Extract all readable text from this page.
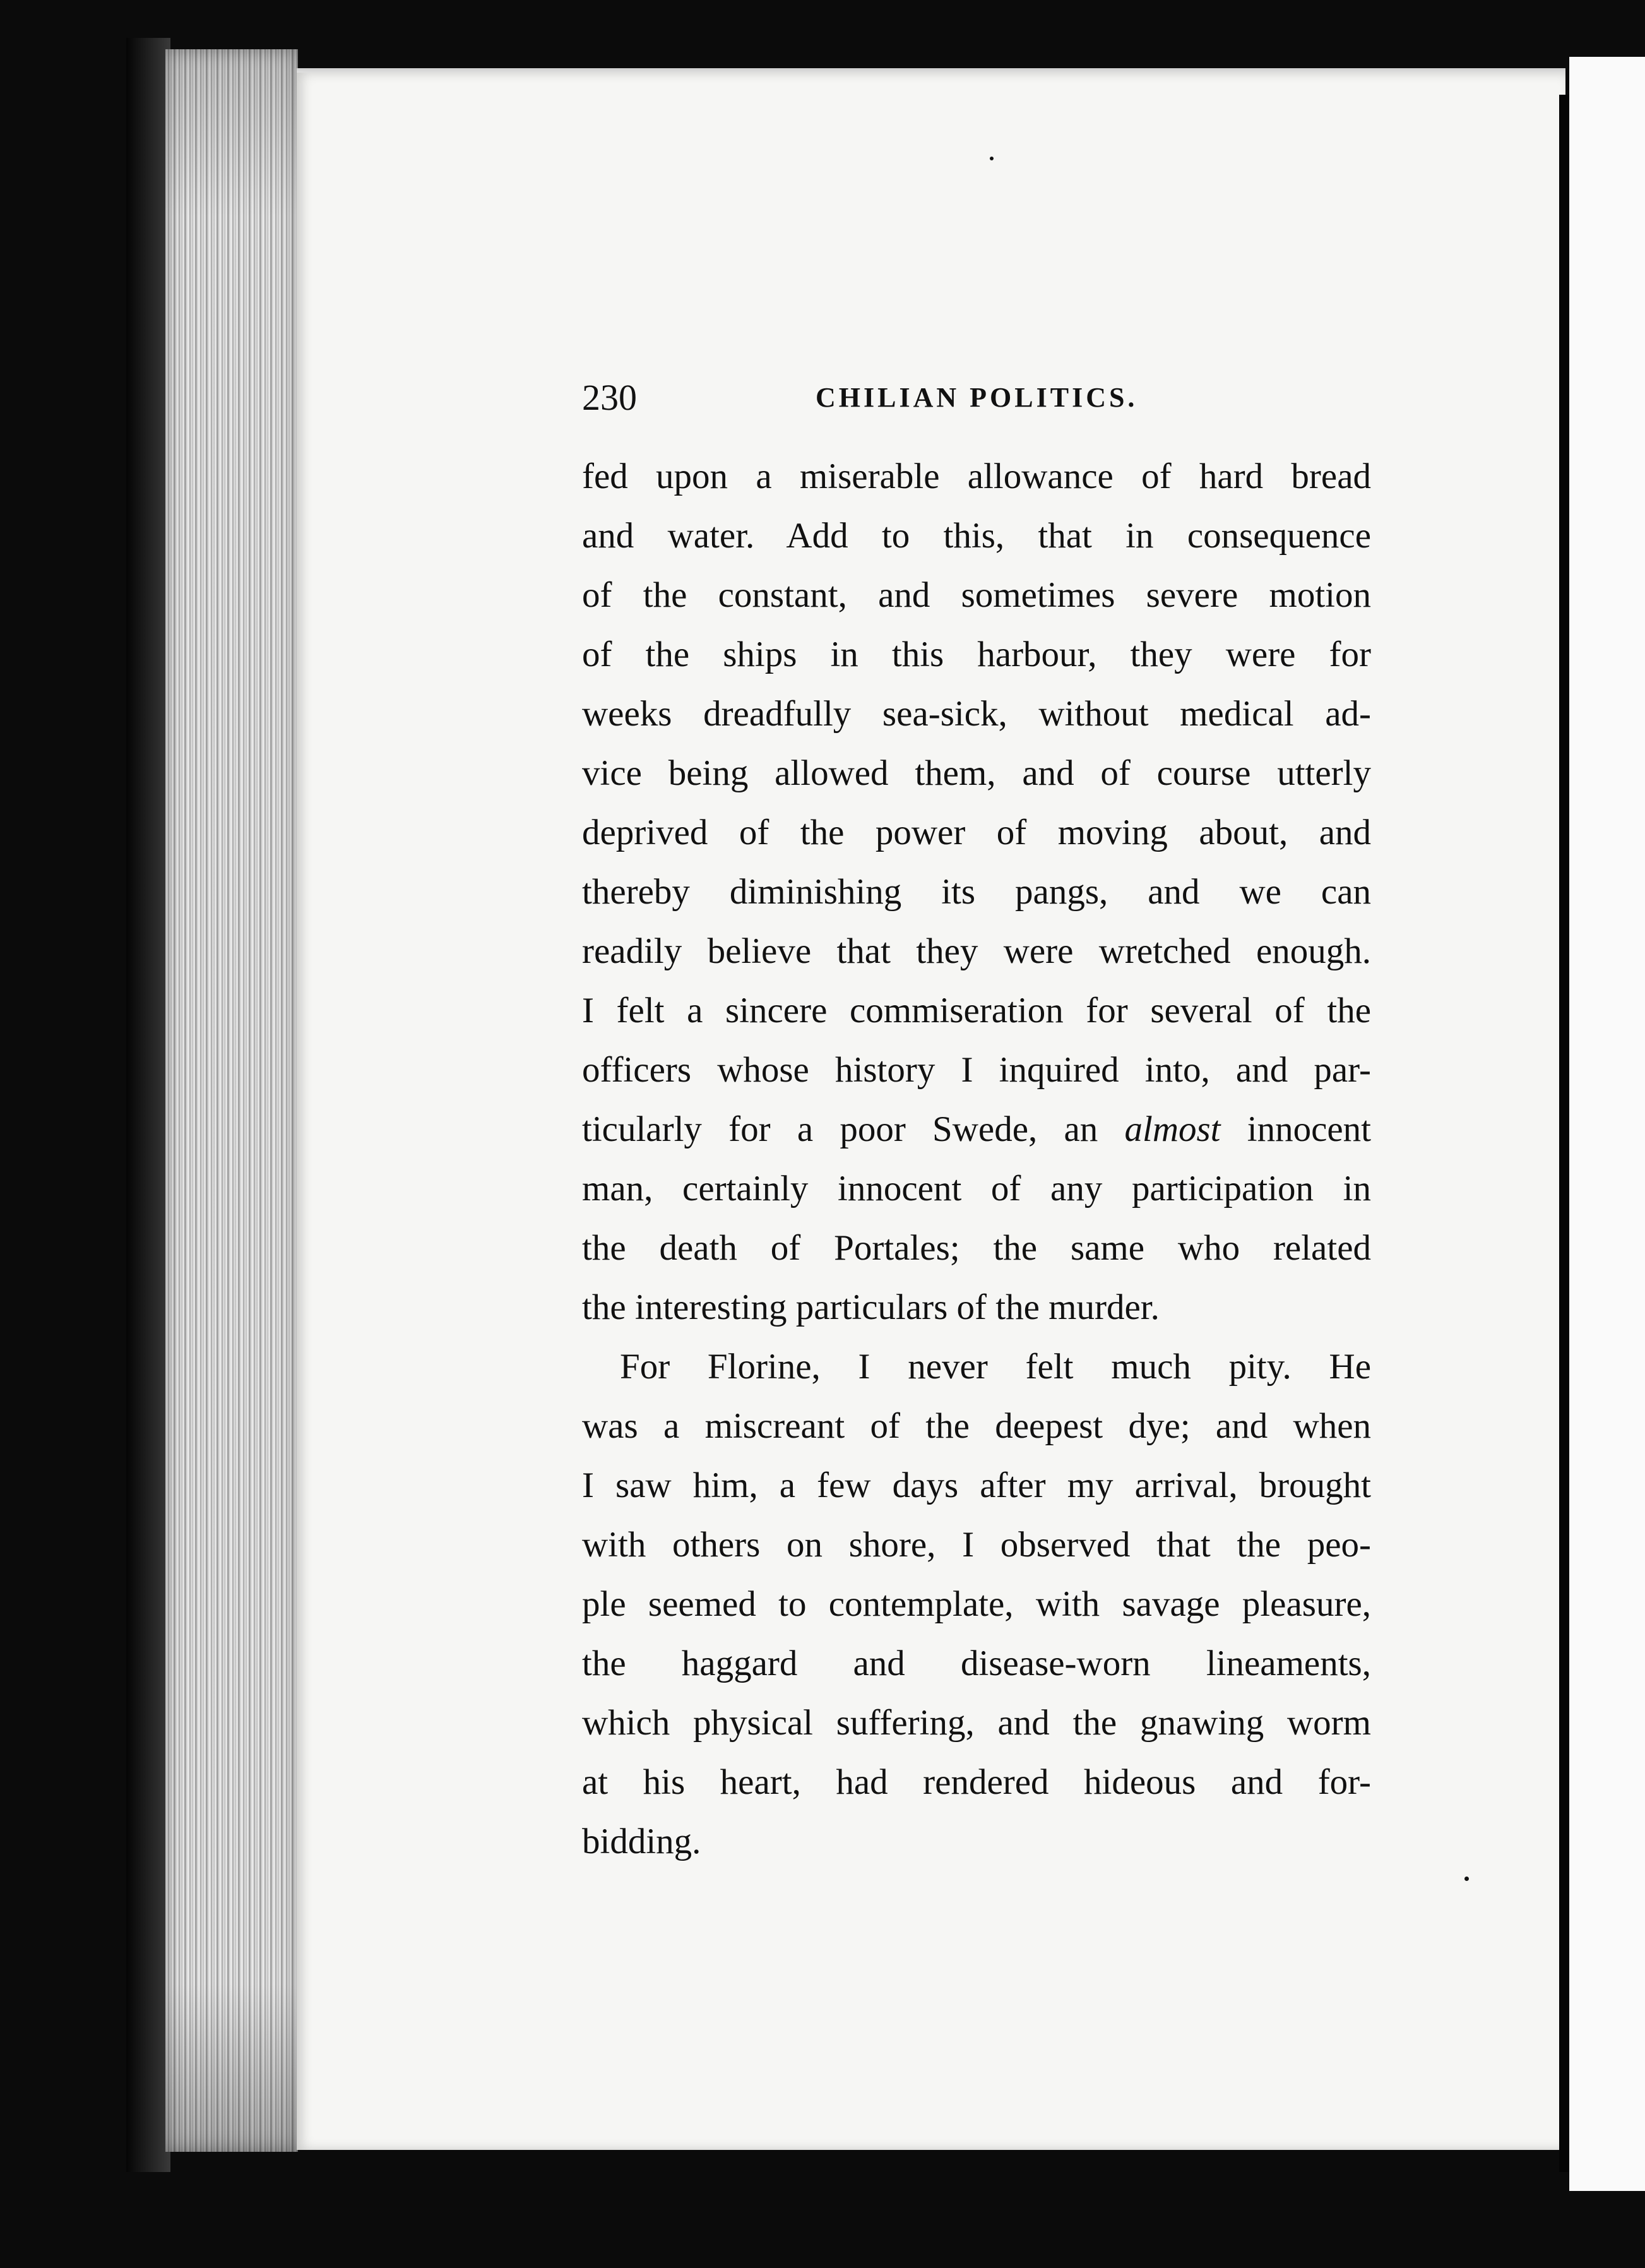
230	CHILIAN POLITICS.
fed upon a miserable allowance of hard bread
and water. Add to this, that in consequence
of the constant, and sometimes severe motion
of the ships in this harbour, they were for
weeks dreadfully sea-sick, without medical ad-
vice being allowed them, and of course utterly
deprived of the power of moving about, and
thereby diminishing its pangs, and we can
readily believe that they were wretched enough.
I felt a sincere commiseration for several of the
officers whose history I inquired into, and par-
ticularly for a poor Swede, an almost innocent
man, certainly innocent of any participation in
the death of Portales; the same who related
the interesting particulars of the murder.
For Florine, I never felt much pity. He
was a miscreant of the deepest dye; and when
I saw him, a few days after my arrival, brought
with others on shore, I observed that the peo-
ple seemed to contemplate, with savage pleasure,
the haggard and disease-worn lineaments,
which physical suffering, and the gnawing worm
at his heart, had rendered hideous and for-
bidding.
